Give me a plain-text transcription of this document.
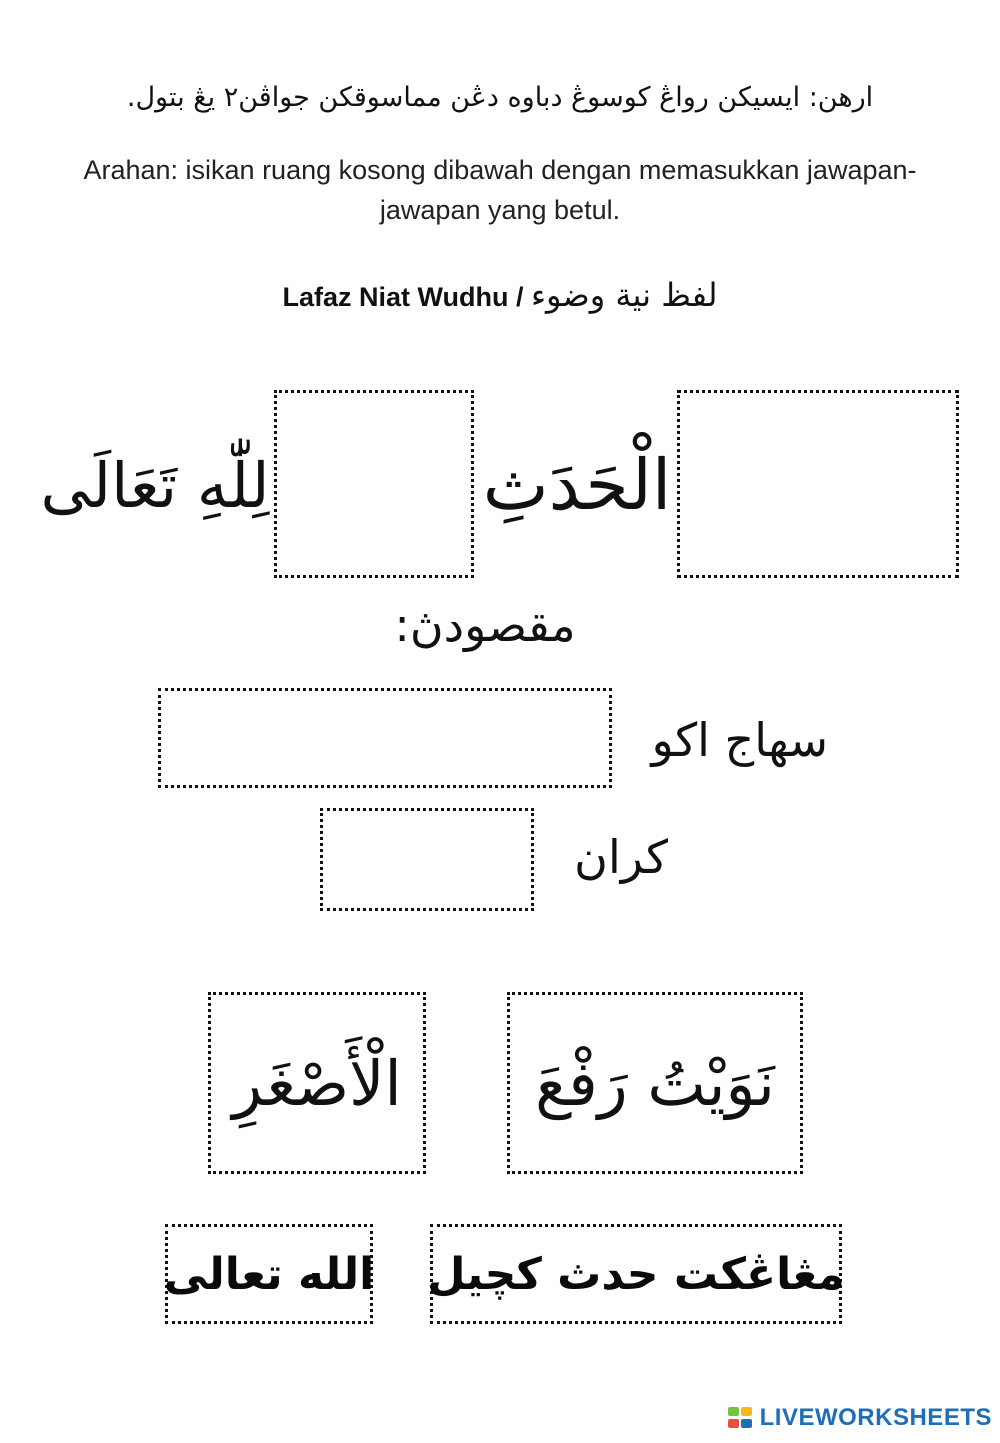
ارهن: ايسيكن رواڠ كوسوڠ دباوه دڠن مماسوقكن جواڤن٢ يڠ بتول.
Arahan: isikan ruang kosong dibawah dengan memasukkan jawapan-jawapan yang betul.
Lafaz Niat Wudhu / لفظ نية وضوء
الْحَدَثِ
لِلّٰهِ تَعَالَى
مقصودڽ:
سهاج اكو
كران
نَوَيْتُ رَفْعَ
الْأَصْغَرِ
مڠاڠكت حدث كچيل
الله تعالى
LIVEWORKSHEETS
